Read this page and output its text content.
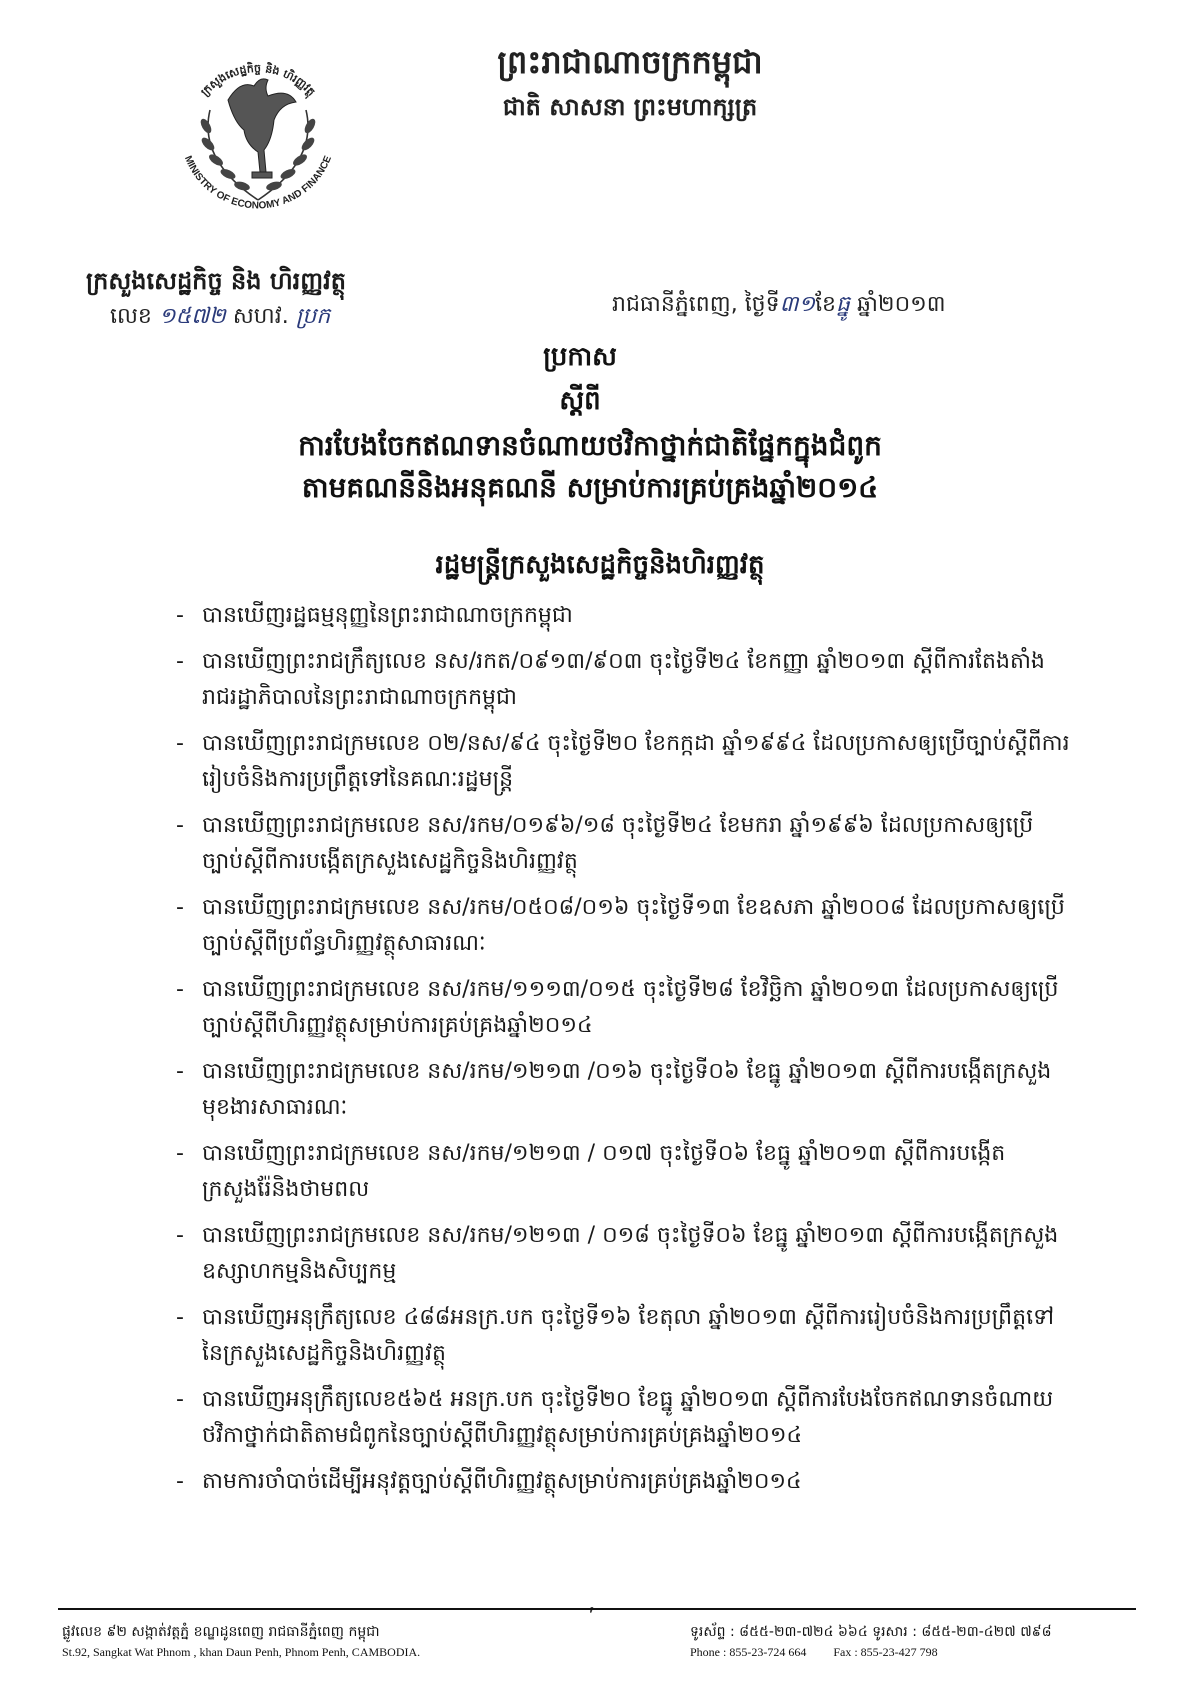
ក្រសួងសេដ្ឋកិច្ច និង ហិរញ្ញវត្ថុ
MINISTRY OF ECONOMY AND FINANCE
ព្រះរាជាណាចក្រកម្ពុជា
ជាតិ សាសនា ព្រះមហាក្សត្រ
ក្រសួងសេដ្ឋកិច្ច និង ហិរញ្ញវត្ថុ
លេខ ១៥៧២ សហវ. ប្រក	រាជធានីភ្នំពេញ, ថ្ងៃទី៣១ខែធ្នូ ឆ្នាំ២០១៣
ប្រកាស
ស្ដីពី
ការបែងចែកឥណទានចំណាយថវិកាថ្នាក់ជាតិផ្នែកក្នុងជំពូក
តាមគណនីនិងអនុគណនី សម្រាប់ការគ្រប់គ្រងឆ្នាំ២០១៤
រដ្ឋមន្ត្រីក្រសួងសេដ្ឋកិច្ចនិងហិរញ្ញវត្ថុ
- បានឃើញរដ្ឋធម្មនុញ្ញនៃព្រះរាជាណាចក្រកម្ពុជា
- បានឃើញព្រះរាជក្រឹត្យលេខ នស/រកត/០៩១៣/៩០៣ ចុះថ្ងៃទី២៤ ខែកញ្ញា ឆ្នាំ២០១៣ ស្តីពីការតែងតាំងរាជរដ្ឋាភិបាលនៃព្រះរាជាណាចក្រកម្ពុជា
- បានឃើញព្រះរាជក្រមលេខ ០២/នស/៩៤ ចុះថ្ងៃទី២០ ខែកក្កដា ឆ្នាំ១៩៩៤ ដែលប្រកាសឲ្យប្រើច្បាប់ស្តីពីការរៀបចំនិងការប្រព្រឹត្តទៅនៃគណៈរដ្ឋមន្ត្រី
- បានឃើញព្រះរាជក្រមលេខ នស/រកម/០១៩៦/១៨ ចុះថ្ងៃទី២៤ ខែមករា ឆ្នាំ១៩៩៦ ដែលប្រកាសឲ្យប្រើច្បាប់ស្តីពីការបង្កើតក្រសួងសេដ្ឋកិច្ចនិងហិរញ្ញវត្ថុ
- បានឃើញព្រះរាជក្រមលេខ នស/រកម/០៥០៨/០១៦ ចុះថ្ងៃទី១៣ ខែឧសភា ឆ្នាំ២០០៨ ដែលប្រកាសឲ្យប្រើច្បាប់ស្តីពីប្រព័ន្ធហិរញ្ញវត្ថុសាធារណៈ
- បានឃើញព្រះរាជក្រមលេខ នស/រកម/១១១៣/០១៥ ចុះថ្ងៃទី២៨ ខែវិច្ឆិកា ឆ្នាំ២០១៣ ដែលប្រកាសឲ្យប្រើច្បាប់ស្តីពីហិរញ្ញវត្ថុសម្រាប់ការគ្រប់គ្រងឆ្នាំ២០១៤
- បានឃើញព្រះរាជក្រមលេខ នស/រកម/១២១៣ /០១៦ ចុះថ្ងៃទី០៦ ខែធ្នូ ឆ្នាំ២០១៣ ស្តីពីការបង្កើតក្រសួងមុខងារសាធារណៈ
- បានឃើញព្រះរាជក្រមលេខ នស/រកម/១២១៣ / ០១៧ ចុះថ្ងៃទី០៦ ខែធ្នូ ឆ្នាំ២០១៣ ស្តីពីការបង្កើតក្រសួងរ៉ែនិងថាមពល
- បានឃើញព្រះរាជក្រមលេខ នស/រកម/១២១៣ / ០១៨ ចុះថ្ងៃទី០៦ ខែធ្នូ ឆ្នាំ២០១៣ ស្តីពីការបង្កើតក្រសួងឧស្សាហកម្មនិងសិប្បកម្ម
- បានឃើញអនុក្រឹត្យលេខ ៤៨៨អនក្រ.បក ចុះថ្ងៃទី១៦ ខែតុលា ឆ្នាំ២០១៣ ស្តីពីការរៀបចំនិងការប្រព្រឹត្តទៅនៃក្រសួងសេដ្ឋកិច្ចនិងហិរញ្ញវត្ថុ
- បានឃើញអនុក្រឹត្យលេខ៥៦៥ អនក្រ.បក ចុះថ្ងៃទី២០ ខែធ្នូ ឆ្នាំ២០១៣ ស្តីពីការបែងចែកឥណទានចំណាយថវិកាថ្នាក់ជាតិតាមជំពូកនៃច្បាប់ស្តីពីហិរញ្ញវត្ថុសម្រាប់ការគ្រប់គ្រងឆ្នាំ២០១៤
- តាមការចាំបាច់ដើម្បីអនុវត្តច្បាប់ស្តីពីហិរញ្ញវត្ថុសម្រាប់ការគ្រប់គ្រងឆ្នាំ២០១៤
ផ្លូវលេខ ៩២ សង្កាត់វត្តភ្នំ ខណ្ឌដូនពេញ រាជធានីភ្នំពេញ កម្ពុជា
St.92, Sangkat Wat Phnom , khan Daun Penh, Phnom Penh, CAMBODIA.
ទូរស័ព្ទ : ៨៥៥-២៣-៧២៤ ៦៦៤ ទូរសារ : ៨៥៥-២៣-៤២៧ ៧៩៨
Phone : 855-23-724 664 Fax : 855-23-427 798
